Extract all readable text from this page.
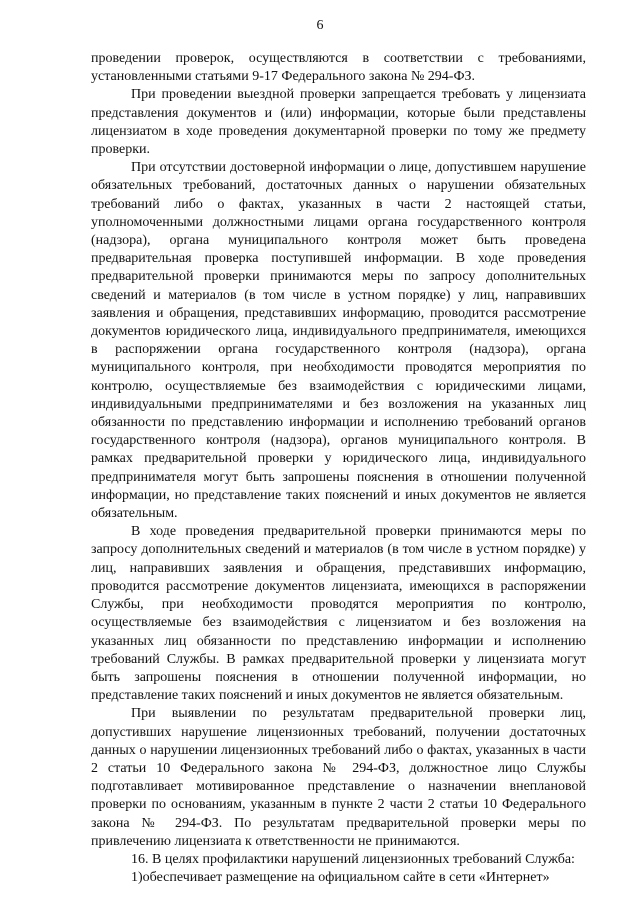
6

проведении проверок, осуществляются в соответствии с требованиями, установленными статьями 9-17 Федерального закона № 294-ФЗ.

При проведении выездной проверки запрещается требовать у лицензиата представления документов и (или) информации, которые были представлены лицензиатом в ходе проведения документарной проверки по тому же предмету проверки.

При отсутствии достоверной информации о лице, допустившем нарушение обязательных требований, достаточных данных о нарушении обязательных требований либо о фактах, указанных в части 2 настоящей статьи, уполномоченными должностными лицами органа государственного контроля (надзора), органа муниципального контроля может быть проведена предварительная проверка поступившей информации. В ходе проведения предварительной проверки принимаются меры по запросу дополнительных сведений и материалов (в том числе в устном порядке) у лиц, направивших заявления и обращения, представивших информацию, проводится рассмотрение документов юридического лица, индивидуального предпринимателя, имеющихся в распоряжении органа государственного контроля (надзора), органа муниципального контроля, при необходимости проводятся мероприятия по контролю, осуществляемые без взаимодействия с юридическими лицами, индивидуальными предпринимателями и без возложения на указанных лиц обязанности по представлению информации и исполнению требований органов государственного контроля (надзора), органов муниципального контроля. В рамках предварительной проверки у юридического лица, индивидуального предпринимателя могут быть запрошены пояснения в отношении полученной информации, но представление таких пояснений и иных документов не является обязательным.

В ходе проведения предварительной проверки принимаются меры по запросу дополнительных сведений и материалов (в том числе в устном порядке) у лиц, направивших заявления и обращения, представивших информацию, проводится рассмотрение документов лицензиата, имеющихся в распоряжении Службы, при необходимости проводятся мероприятия по контролю, осуществляемые без взаимодействия с лицензиатом и без возложения на указанных лиц обязанности по представлению информации и исполнению требований Службы. В рамках предварительной проверки у лицензиата могут быть запрошены пояснения в отношении полученной информации, но представление таких пояснений и иных документов не является обязательным.

При выявлении по результатам предварительной проверки лиц, допустивших нарушение лицензионных требований, получении достаточных данных о нарушении лицензионных требований либо о фактах, указанных в части 2 статьи 10 Федерального закона № 294-ФЗ, должностное лицо Службы подготавливает мотивированное представление о назначении внеплановой проверки по основаниям, указанным в пункте 2 части 2 статьи 10 Федерального закона № 294-ФЗ. По результатам предварительной проверки меры по привлечению лицензиата к ответственности не принимаются.

16. В целях профилактики нарушений лицензионных требований Служба:

1)обеспечивает размещение на официальном сайте в сети «Интернет»
